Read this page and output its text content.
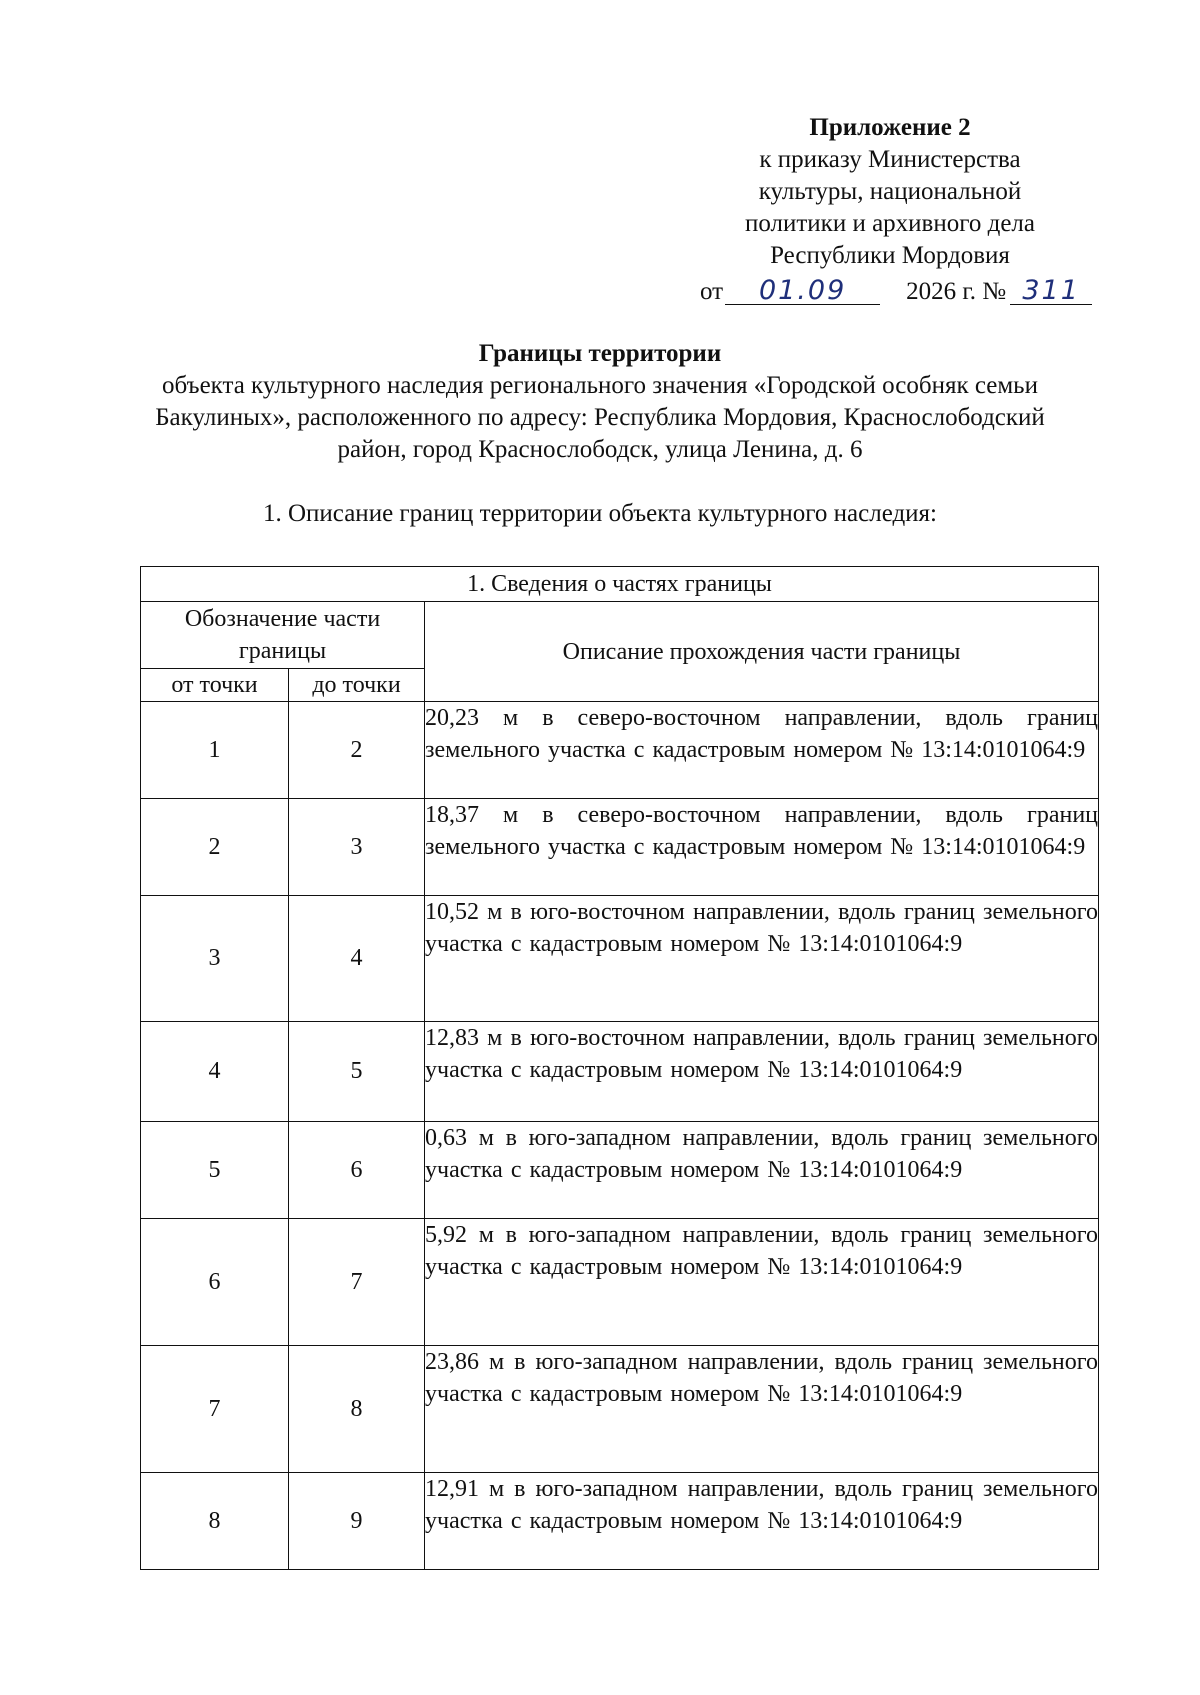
Приложение 2
к приказу Министерства
культуры, национальной
политики и архивного дела
Республики Мордовия
от 01.09 2026 г. № 311
Границы территории
объекта культурного наследия регионального значения «Городской особняк семьи Бакулиных», расположенного по адресу: Республика Мордовия, Краснослободский район, город Краснослободск, улица Ленина, д. 6
1. Описание границ территории объекта культурного наследия:
1. Сведения о частях границы		
Обозначение части границы		Описание прохождения части границы
от точки	до точки	
1	2	20,23 м в северо-восточном направлении, вдоль границ земельного участка с кадастровым номером № 13:14:0101064:9
2	3	18,37 м в северо-восточном направлении, вдоль границ земельного участка с кадастровым номером № 13:14:0101064:9
3	4	10,52 м в юго-восточном направлении, вдоль границ земельного участка с кадастровым номером № 13:14:0101064:9
4	5	12,83 м в юго-восточном направлении, вдоль границ земельного участка с кадастровым номером № 13:14:0101064:9
5	6	0,63 м в юго-западном направлении, вдоль границ земельного участка с кадастровым номером № 13:14:0101064:9
6	7	5,92 м в юго-западном направлении, вдоль границ земельного участка с кадастровым номером № 13:14:0101064:9
7	8	23,86 м в юго-западном направлении, вдоль границ земельного участка с кадастровым номером № 13:14:0101064:9
8	9	12,91 м в юго-западном направлении, вдоль границ земельного участка с кадастровым номером № 13:14:0101064:9
